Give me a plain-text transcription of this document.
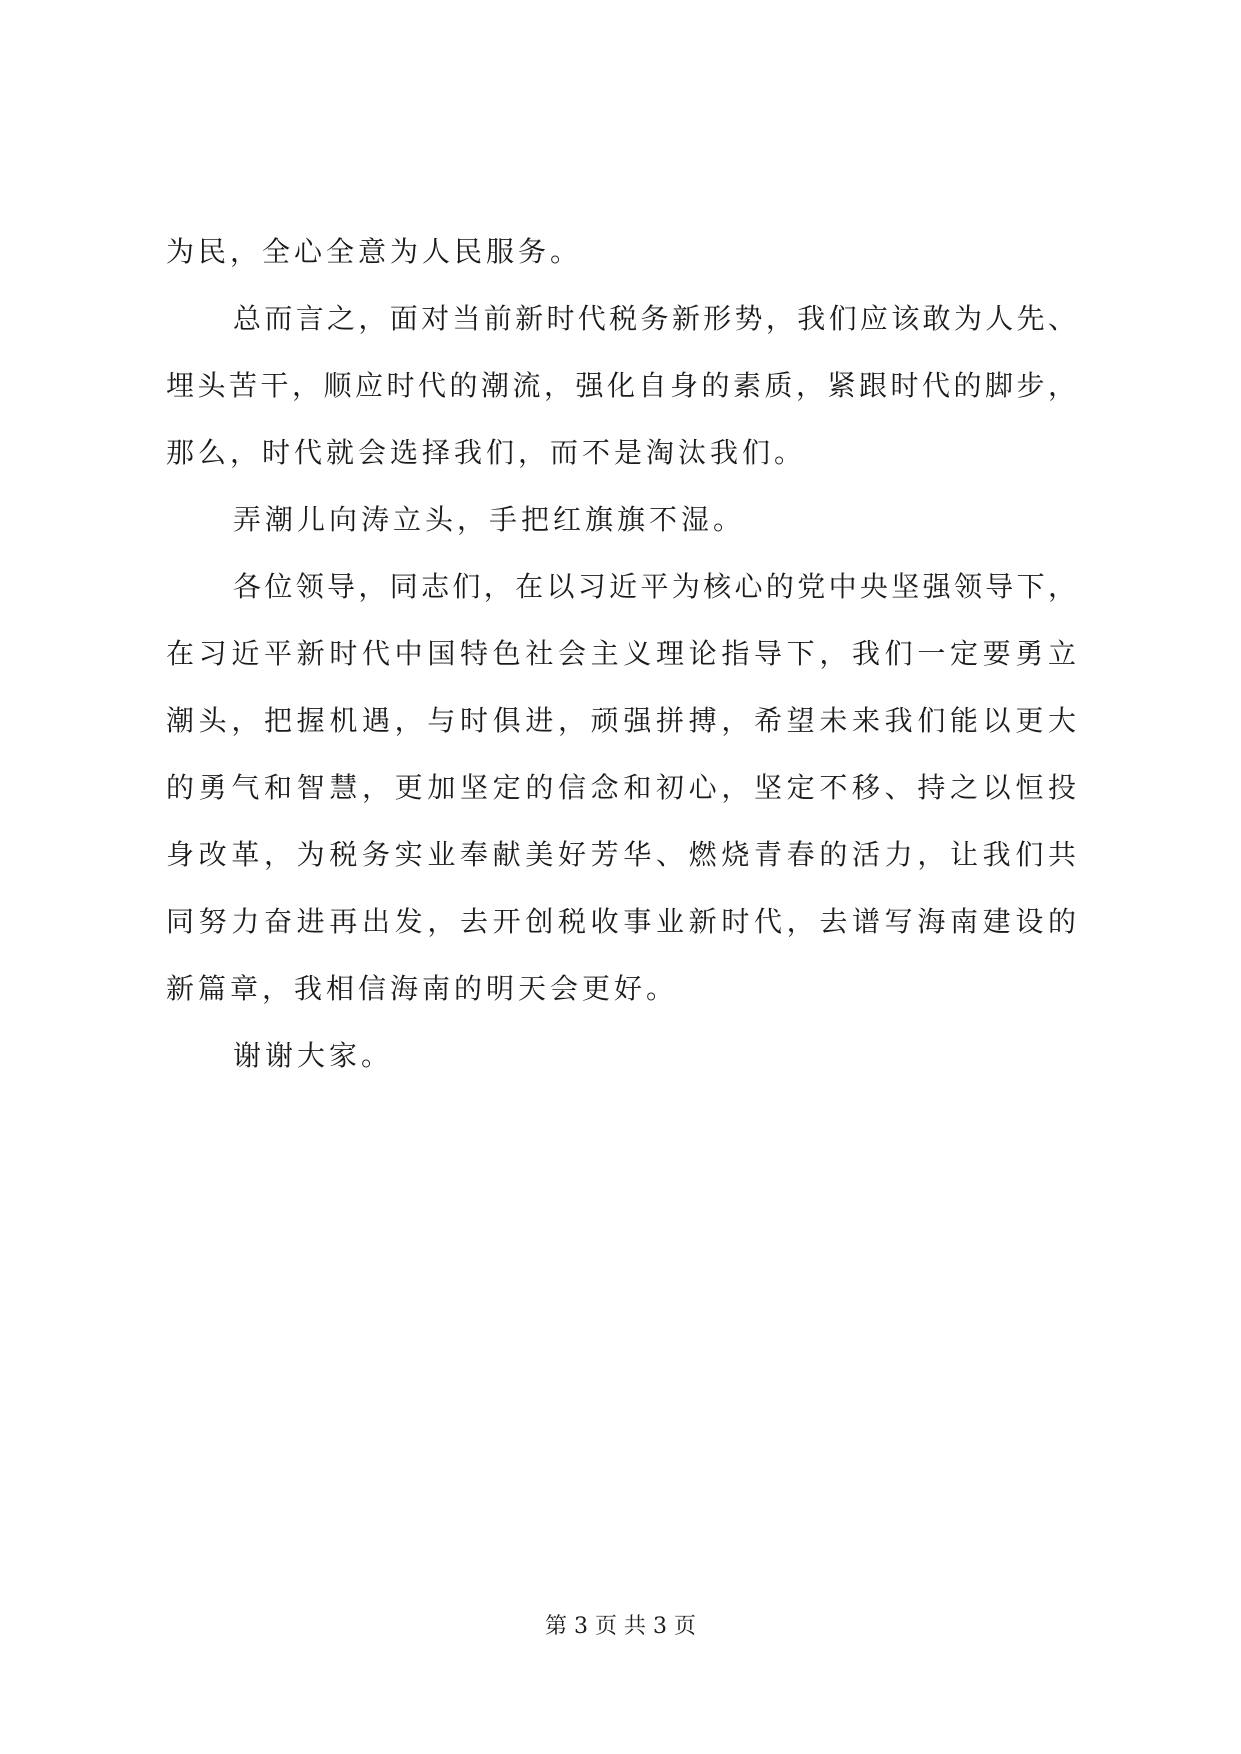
为民，全心全意为人民服务。
总而言之，面对当前新时代税务新形势，我们应该敢为人先、
埋头苦干，顺应时代的潮流，强化自身的素质，紧跟时代的脚步，
那么，时代就会选择我们，而不是淘汰我们。
弄潮儿向涛立头，手把红旗旗不湿。
各位领导，同志们，在以习近平为核心的党中央坚强领导下，
在习近平新时代中国特色社会主义理论指导下，我们一定要勇立
潮头，把握机遇，与时俱进，顽强拼搏，希望未来我们能以更大
的勇气和智慧，更加坚定的信念和初心，坚定不移、持之以恒投
身改革，为税务实业奉献美好芳华、燃烧青春的活力，让我们共
同努力奋进再出发，去开创税收事业新时代，去谱写海南建设的
新篇章，我相信海南的明天会更好。
谢谢大家。
第 3 页 共 3 页
